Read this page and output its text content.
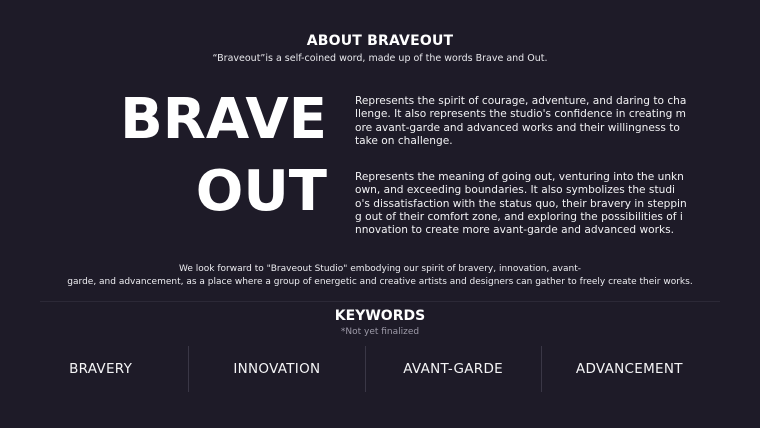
ABOUT BRAVEOUT

“Braveout”is a self-coined word, made up of the words Brave and Out.

BRAVE	Represents the spirit of courage, adventure, and daring to challenge. It also represents the studio's confidence in creating more avant-garde and advanced works and their willingness to take on challenge.

OUT	Represents the meaning of going out, venturing into the unknown, and exceeding boundaries. It also symbolizes the studio's dissatisfaction with the status quo, their bravery in stepping out of their comfort zone, and exploring the possibilities of innovation to create more avant-garde and advanced works.

We look forward to "Braveout Studio" embodying our spirit of bravery, innovation, avant-
garde, and advancement, as a place where a group of energetic and creative artists and designers can gather to freely create their works.
KEYWORDS

*Not yet finalized

BRAVERY	INNOVATION	AVANT-GARDE	ADVANCEMENT
